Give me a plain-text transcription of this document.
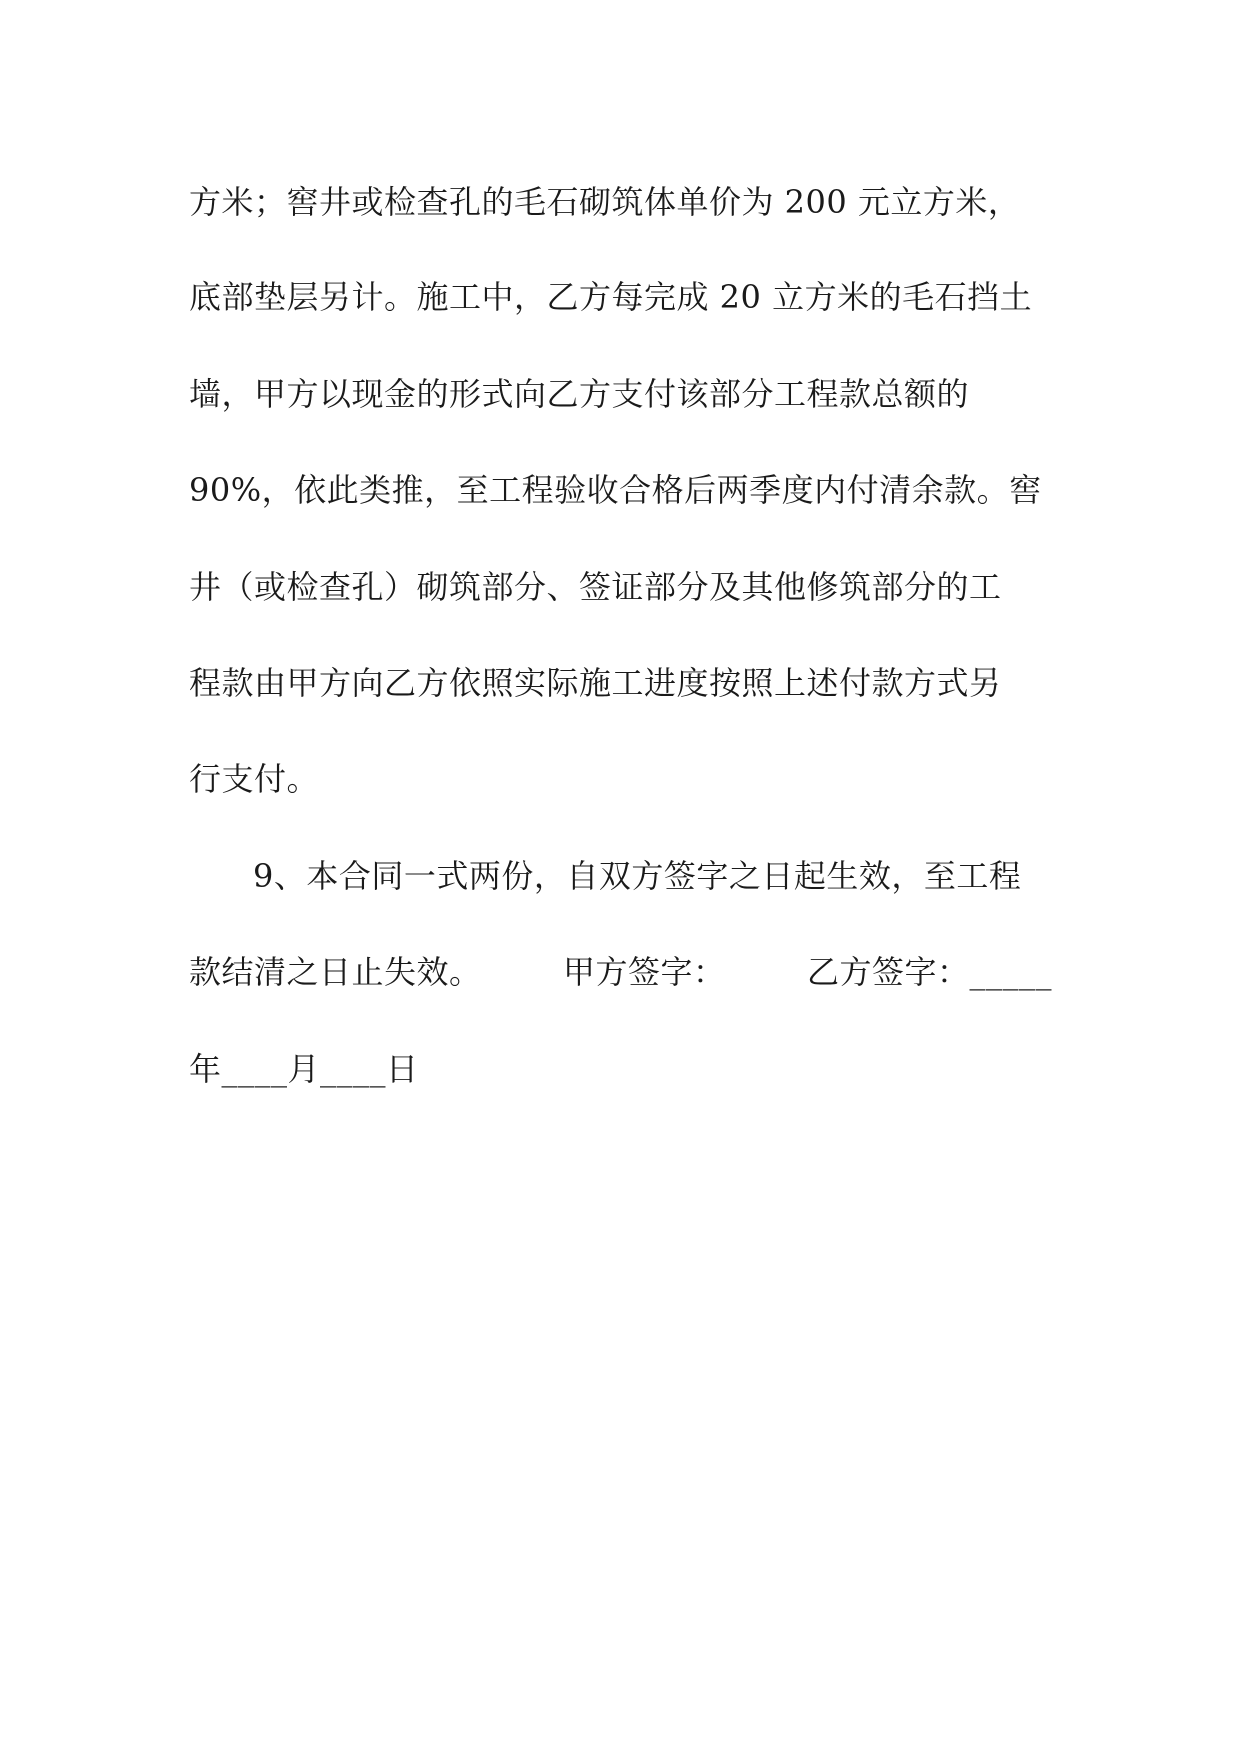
方米；窖井或检查孔的毛石砌筑体单价为 200 元立方米，
底部垫层另计。施工中，乙方每完成 20 立方米的毛石挡土
墙，甲方以现金的形式向乙方支付该部分工程款总额的
90%，依此类推，至工程验收合格后两季度内付清余款。窖
井（或检查孔）砌筑部分、签证部分及其他修筑部分的工
程款由甲方向乙方依照实际施工进度按照上述付款方式另
行支付。
9、本合同一式两份，自双方签字之日起生效，至工程
款结清之日止失效。　　　甲方签字：　　　乙方签字：_____
年____月____日
